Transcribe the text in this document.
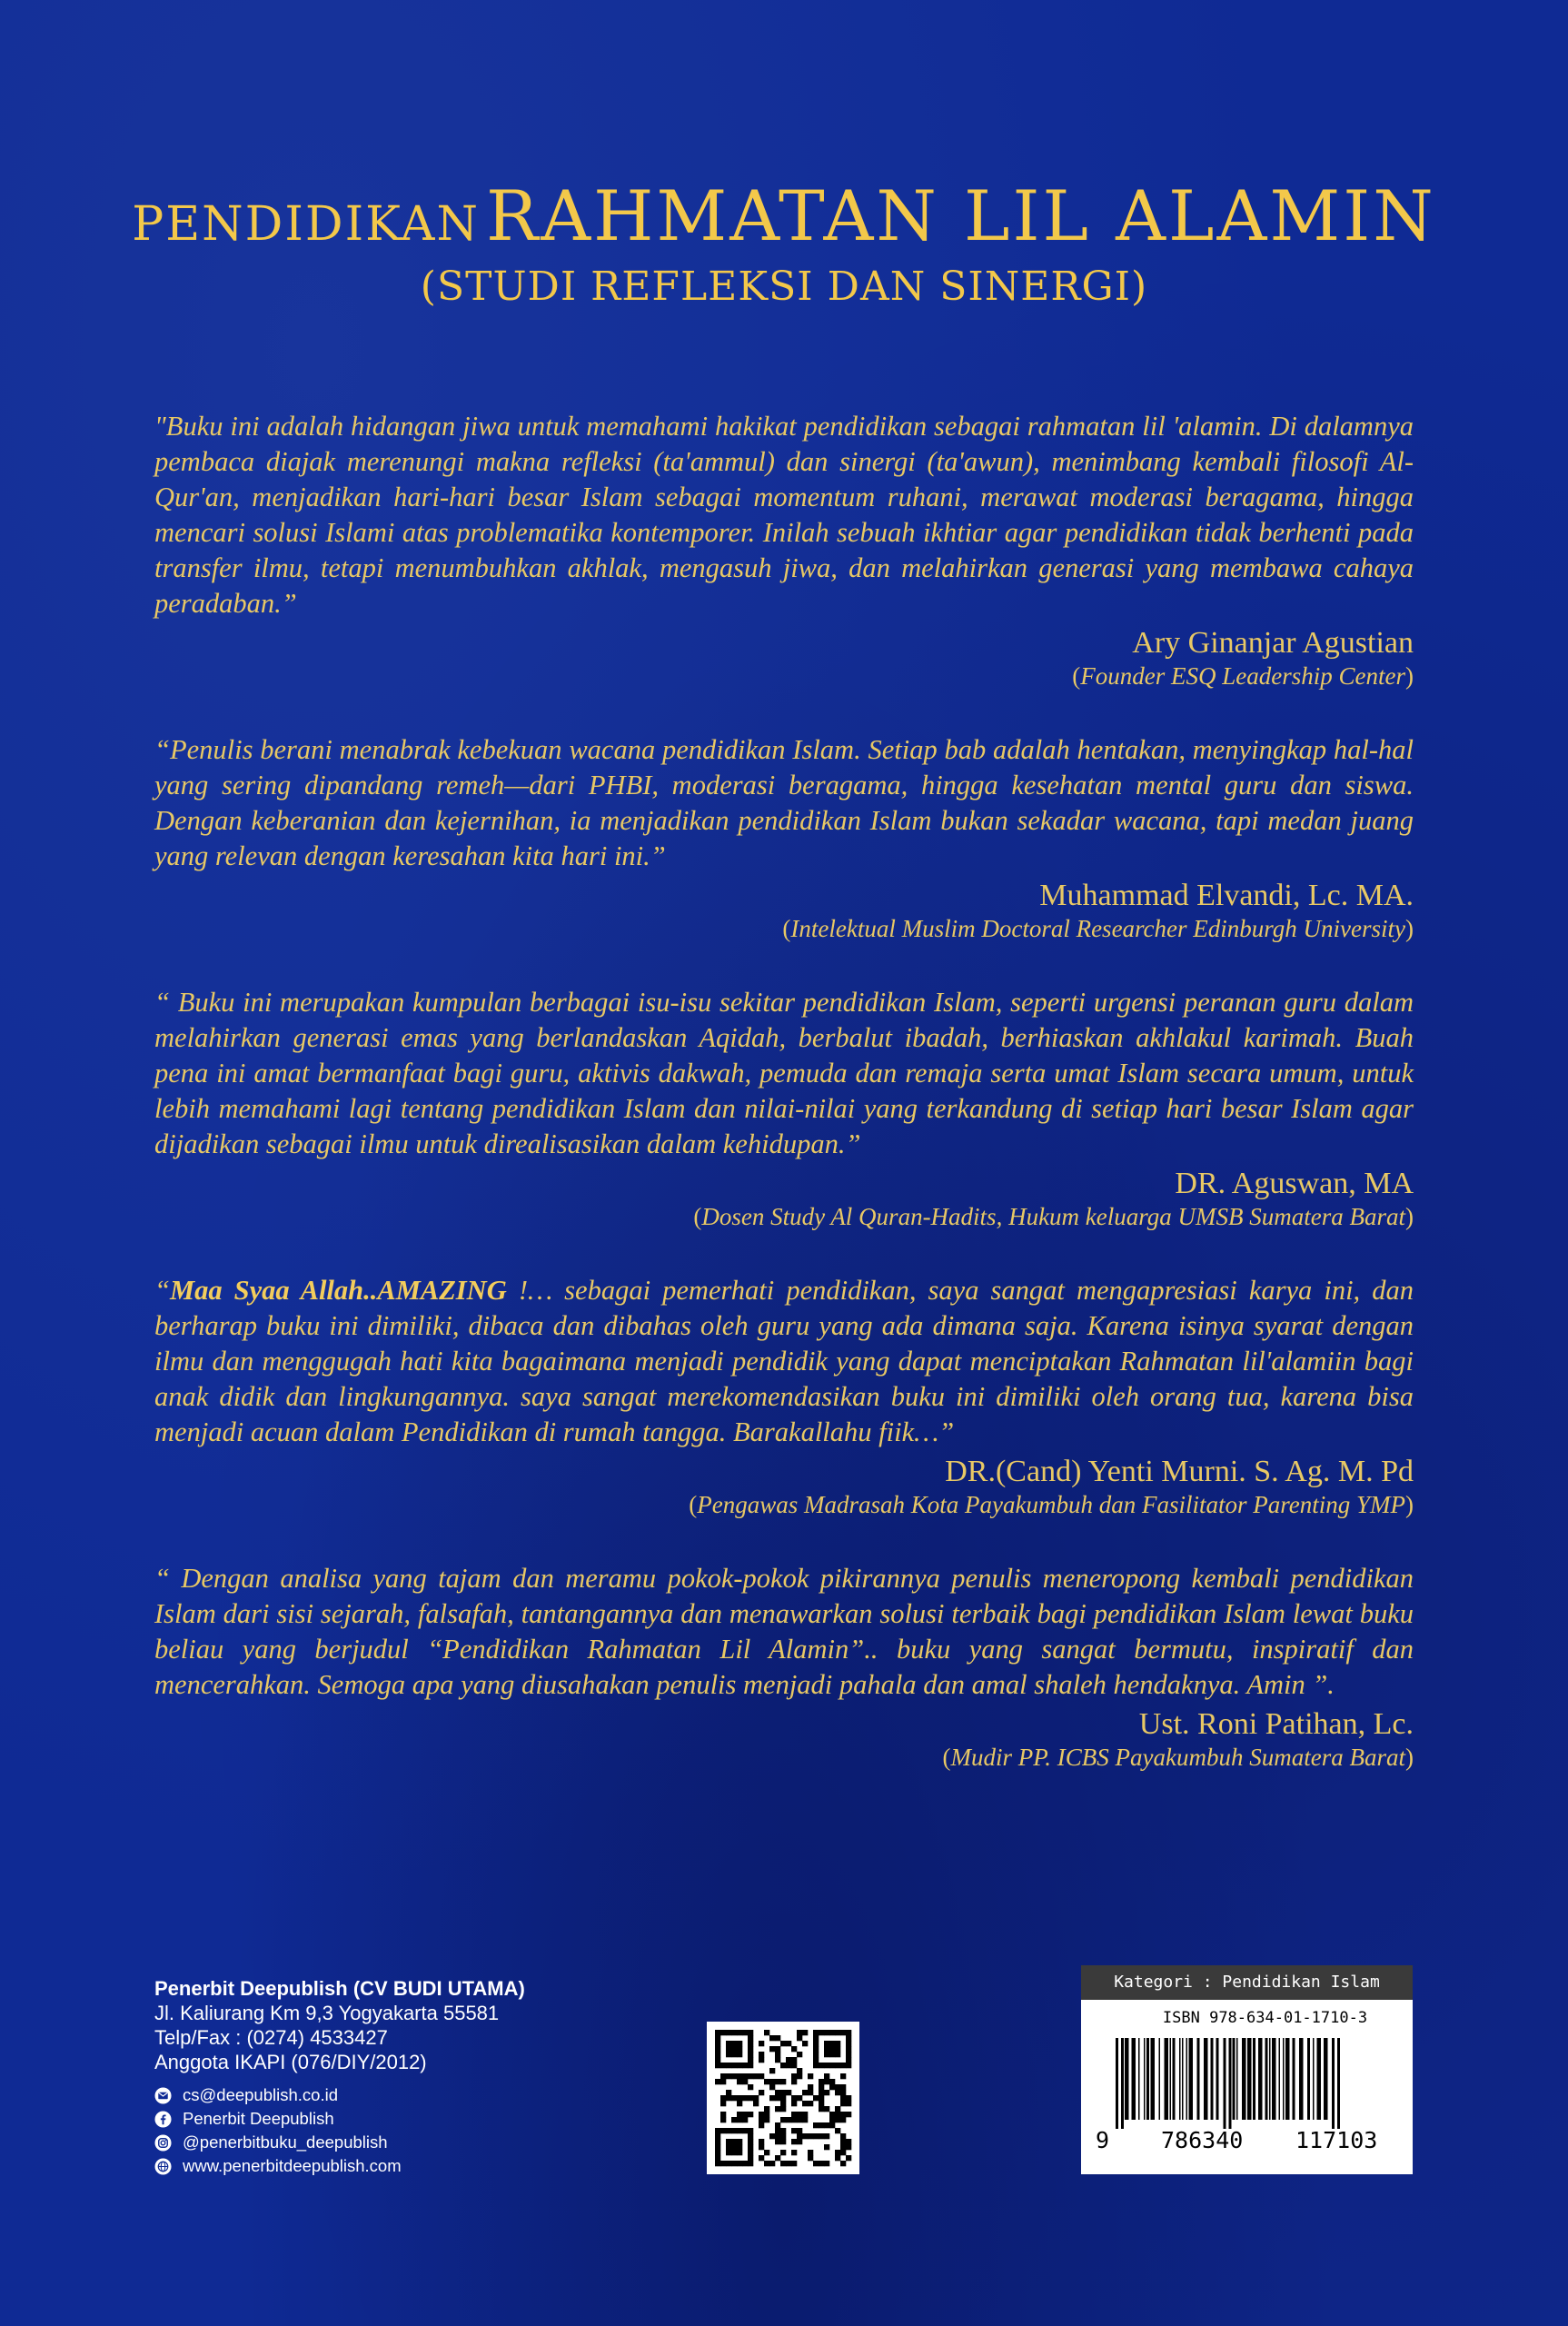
PENDIDIKAN RAHMATAN LIL ALAMIN
(STUDI REFLEKSI DAN SINERGI)

"Buku ini adalah hidangan jiwa untuk memahami hakikat pendidikan sebagai rahmatan lil 'alamin. Di dalamnya pembaca diajak merenungi makna refleksi (ta'ammul) dan sinergi (ta'awun), menimbang kembali filosofi Al-Qur'an, menjadikan hari-hari besar Islam sebagai momentum ruhani, merawat moderasi beragama, hingga mencari solusi Islami atas problematika kontemporer. Inilah sebuah ikhtiar agar pendidikan tidak berhenti pada transfer ilmu, tetapi menumbuhkan akhlak, mengasuh jiwa, dan melahirkan generasi yang membawa cahaya peradaban.”

Ary Ginanjar Agustian
(Founder ESQ Leadership Center)

“Penulis berani menabrak kebekuan wacana pendidikan Islam. Setiap bab adalah hentakan, menyingkap hal-hal yang sering dipandang remeh—dari PHBI, moderasi beragama, hingga kesehatan mental guru dan siswa. Dengan keberanian dan kejernihan, ia menjadikan pendidikan Islam bukan sekadar wacana, tapi medan juang yang relevan dengan keresahan kita hari ini.”

Muhammad Elvandi, Lc. MA.
(Intelektual Muslim Doctoral Researcher Edinburgh University)

“ Buku ini merupakan kumpulan berbagai isu-isu sekitar pendidikan Islam, seperti urgensi peranan guru dalam melahirkan generasi emas yang berlandaskan Aqidah, berbalut ibadah, berhiaskan akhlakul karimah. Buah pena ini amat bermanfaat bagi guru, aktivis dakwah, pemuda dan remaja serta umat Islam secara umum, untuk lebih memahami lagi tentang pendidikan Islam dan nilai-nilai yang terkandung di setiap hari besar Islam agar dijadikan sebagai ilmu untuk direalisasikan dalam kehidupan.”

DR. Aguswan, MA
(Dosen Study Al Quran-Hadits, Hukum keluarga UMSB Sumatera Barat)

“Maa Syaa Allah..AMAZING !… sebagai pemerhati pendidikan, saya sangat mengapresiasi karya ini, dan berharap buku ini dimiliki, dibaca dan dibahas oleh guru yang ada dimana saja. Karena isinya syarat dengan ilmu dan menggugah hati kita bagaimana menjadi pendidik yang dapat menciptakan Rahmatan lil'alamiin bagi anak didik dan lingkungannya. saya sangat merekomendasikan buku ini dimiliki oleh orang tua, karena bisa menjadi acuan dalam Pendidikan di rumah tangga. Barakallahu fiik…”

DR.(Cand) Yenti Murni. S. Ag. M. Pd
(Pengawas Madrasah Kota Payakumbuh dan Fasilitator Parenting YMP)

“ Dengan analisa yang tajam dan meramu pokok-pokok pikirannya penulis meneropong kembali pendidikan Islam dari sisi sejarah, falsafah, tantangannya dan menawarkan solusi terbaik bagi pendidikan Islam lewat buku beliau yang berjudul “Pendidikan Rahmatan Lil Alamin”.. buku yang sangat bermutu, inspiratif dan mencerahkan. Semoga apa yang diusahakan penulis menjadi pahala dan amal shaleh hendaknya. Amin ”.

Ust. Roni Patihan, Lc.
(Mudir PP. ICBS Payakumbuh Sumatera Barat)
Penerbit Deepublish (CV BUDI UTAMA)
Jl. Kaliurang Km 9,3 Yogyakarta 55581
Telp/Fax : (0274) 4533427
Anggota IKAPI (076/DIY/2012)
cs@deepublish.co.id
Penerbit Deepublish
@penerbitbuku_deepublish
www.penerbitdeepublish.com
Kategori : Pendidikan Islam
ISBN 978-634-01-1710-3
9 786340 117103
